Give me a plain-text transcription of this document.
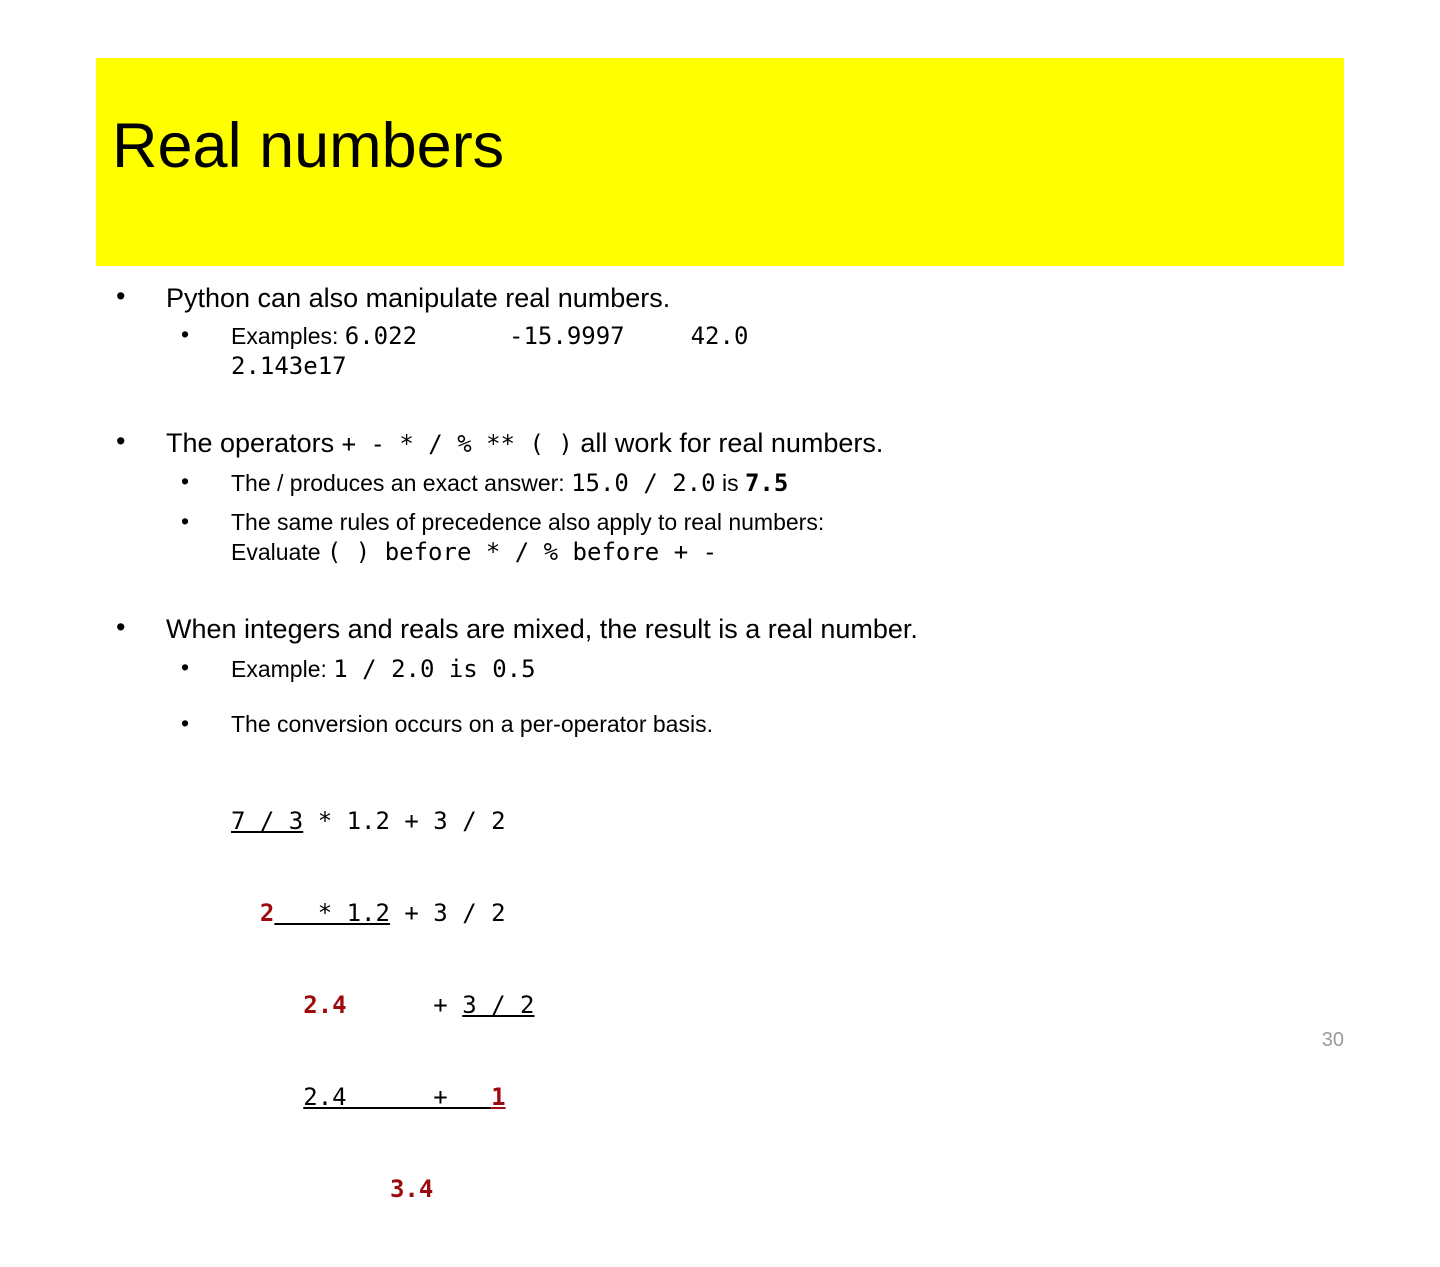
Real numbers
• Python can also manipulate real numbers.
• Examples: 6.022	-15.9997	42.0
2.143e17
• The operators + - * / % ** ( ) all work for real numbers.
• The / produces an exact answer: 15.0 / 2.0 is 7.5
• The same rules of precedence also apply to real numbers:
Evaluate ( ) before * / % before + -
• When integers and reals are mixed, the result is a real number.
• Example: 1 / 2.0 is 0.5
• The conversion occurs on a per-operator basis.

7 / 3 * 1.2 + 3 / 2

2   * 1.2 + 3 / 2

2.4      + 3 / 2

2.4      +   1

3.4

30
